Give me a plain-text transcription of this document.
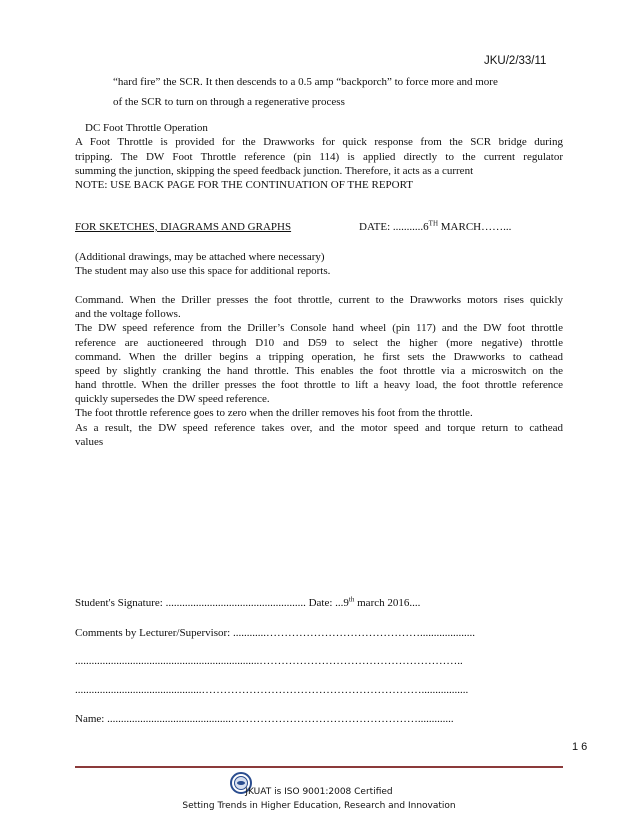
JKU/2/33/11
“hard fire” the SCR. It then descends to a 0.5 amp “backporch” to force more and more
of the SCR to turn on through a regenerative process
DC Foot Throttle Operation
A Foot Throttle is provided for the Drawworks for quick response from the SCR bridge during
tripping. The DW Foot Throttle reference (pin 114) is applied directly to the current regulator
summing the junction, skipping the speed feedback junction. Therefore, it acts as a current
NOTE: USE BACK PAGE FOR THE CONTINUATION OF THE REPORT
FOR SKETCHES, DIAGRAMS AND GRAPHS	DATE: ...........6TH MARCH……...
(Additional drawings, may be attached where necessary)
The student may also use this space for additional reports.
Command. When the Driller presses the foot throttle, current to the Drawworks motors rises quickly
and the voltage follows.
The DW speed reference from the Driller’s Console hand wheel (pin 117) and the DW foot throttle
reference are auctioneered through D10 and D59 to select the higher (more negative) throttle
command. When the driller begins a tripping operation, he first sets the Drawworks to cathead
speed by slightly cranking the hand throttle. This enables the foot throttle via a microswitch on the
hand throttle. When the driller presses the foot throttle to lift a heavy load, the foot throttle reference
quickly supersedes the DW speed reference.
The foot throttle reference goes to zero when the driller removes his foot from the throttle.
As a result, the DW speed reference takes over, and the motor speed and torque return to cathead
values
Student's Signature: ................................................... Date: ...9th march 2016....
Comments by Lecturer/Supervisor: ............……………………………………....................
...................................................................………………………………………………..
..............................................…………………………………………………….................
Name: .............................................…………………………………………….............
1 6
JKUAT is ISO 9001:2008 Certified
Setting Trends in Higher Education, Research and Innovation
